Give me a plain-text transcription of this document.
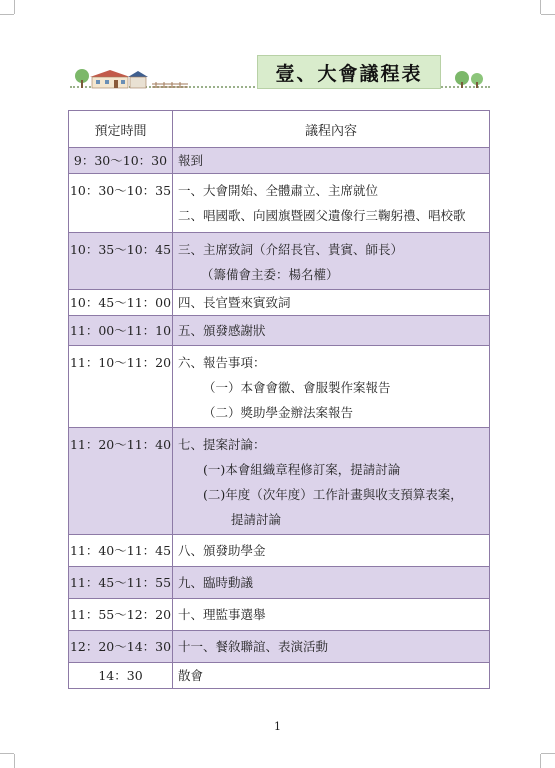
壹、大會議程表
預定時間	議程內容
9：30～10：30	報到

10：30～10：35	一、大會開始、全體肅立、主席就位
二、唱國歌、向國旗暨國父遺像行三鞠躬禮、唱校歌

10：35～10：45	三、主席致詞（介紹長官、貴賓、師長）
（籌備會主委：楊名權）

10：45～11：00	四、長官暨來賓致詞

11：00～11：10	五、頒發感謝狀

11：10～11：20	六、報告事項：
（一）本會會徽、會服製作案報告
（二）獎助學金辦法案報告

11：20～11：40	七、提案討論：
(一)本會組織章程修訂案，提請討論
(二)年度（次年度）工作計畫與收支預算表案，
提請討論

11：40～11：45	八、頒發助學金

11：45～11：55	九、臨時動議

11：55～12：20	十、理監事選舉

12：20～14：30	十一、餐敘聯誼、表演活動

14：30	散會
1
